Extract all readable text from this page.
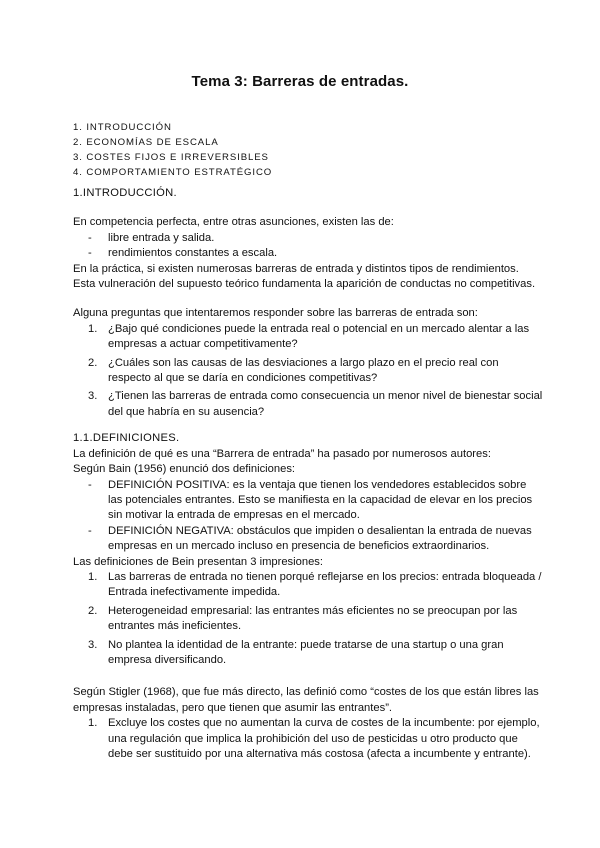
Tema 3: Barreras de entradas.
1. INTRODUCCIÓN
2. ECONOMÍAS DE ESCALA
3. COSTES FIJOS E IRREVERSIBLES
4. COMPORTAMIENTO ESTRATÉGICO

1.INTRODUCCIÓN.

En competencia perfecta, entre otras asunciones, existen las de:

- libre entrada y salida.
- rendimientos constantes a escala.

En la práctica, si existen numerosas barreras de entrada y distintos tipos de rendimientos. Esta vulneración del supuesto teórico fundamenta la aparición de conductas no competitivas.

Alguna preguntas que intentaremos responder sobre las barreras de entrada son:

1. ¿Bajo qué condiciones puede la entrada real o potencial en un mercado alentar a las empresas a actuar competitivamente?
2. ¿Cuáles son las causas de las desviaciones a largo plazo en el precio real con respecto al que se daría en condiciones competitivas?
3. ¿Tienen las barreras de entrada como consecuencia un menor nivel de bienestar social del que habría en su ausencia?

1.1.DEFINICIONES.

La definición de qué es una “Barrera de entrada” ha pasado por numerosos autores:

Según Bain (1956) enunció dos definiciones:

- DEFINICIÓN POSITIVA: es la ventaja que tienen los vendedores establecidos sobre las potenciales entrantes. Esto se manifiesta en la capacidad de elevar en los precios sin motivar la entrada de empresas en el mercado.
- DEFINICIÓN NEGATIVA: obstáculos que impiden o desalientan la entrada de nuevas empresas en un mercado incluso en presencia de beneficios extraordinarios.

Las definiciones de Bein presentan 3 impresiones:

1. Las barreras de entrada no tienen porqué reflejarse en los precios: entrada bloqueada / Entrada inefectivamente impedida.
2. Heterogeneidad empresarial: las entrantes más eficientes no se preocupan por las entrantes más ineficientes.
3. No plantea la identidad de la entrante: puede tratarse de una startup o una gran empresa diversificando.

Según Stigler (1968), que fue más directo, las definió como “costes de los que están libres las empresas instaladas, pero que tienen que asumir las entrantes”.

1. Excluye los costes que no aumentan la curva de costes de la incumbente: por ejemplo, una regulación que implica la prohibición del uso de pesticidas u otro producto que debe ser sustituido por una alternativa más costosa (afecta a incumbente y entrante).
